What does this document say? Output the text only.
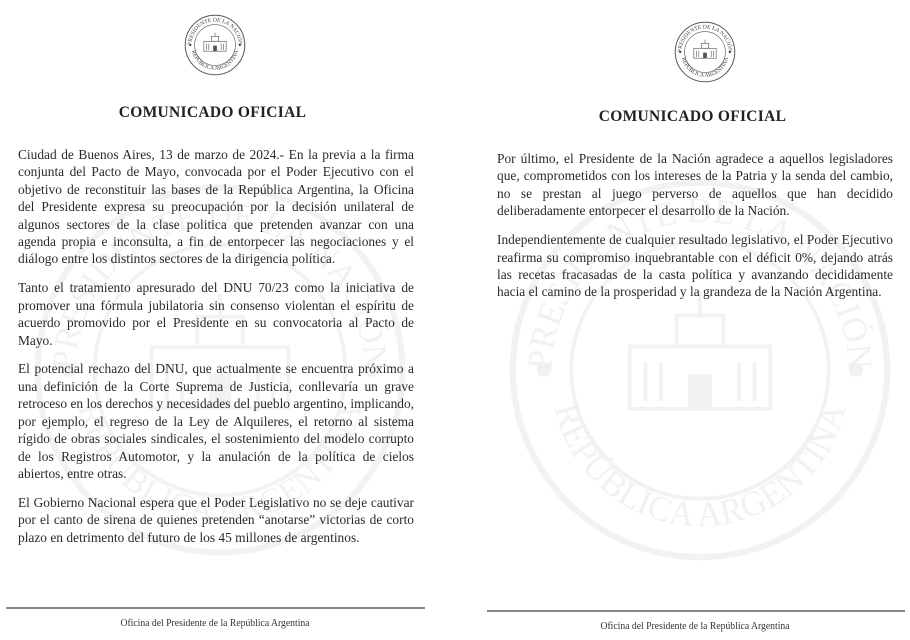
COMUNICADO OFICIAL

Ciudad de Buenos Aires, 13 de marzo de 2024.- En la previa a la firma conjunta del Pacto de Mayo, convocada por el Poder Ejecutivo con el objetivo de reconstituir las bases de la República Argentina, la Oficina del Presidente expresa su preocupación por la decisión unilateral de algunos sectores de la clase politica que pretenden avanzar con una agenda propia e inconsulta, a fin de entorpecer las negociaciones y el diálogo entre los distintos sectores de la dirigencia política.

Tanto el tratamiento apresurado del DNU 70/23 como la iniciativa de promover una fórmula jubilatoria sin consenso violentan el espíritu de acuerdo promovido por el Presidente en su convocatoria al Pacto de Mayo.

El potencial rechazo del DNU, que actualmente se encuentra próximo a una definición de la Corte Suprema de Justicia, conllevaría un grave retroceso en los derechos y necesidades del pueblo argentino, implicando, por ejemplo, el regreso de la Ley de Alquileres, el retorno al sistema rígido de obras sociales sindicales, el sostenimiento del modelo corrupto de los Registros Automotor, y la anulación de la política de cielos abiertos, entre otras.

El Gobierno Nacional espera que el Poder Legislativo no se deje cautivar por el canto de sirena de quienes pretenden “anotarse” victorias de corto plazo en detrimento del futuro de los 45 millones de argentinos.

Oficina del Presidente de la República Argentina
COMUNICADO OFICIAL

Por último, el Presidente de la Nación agradece a aquellos legisladores que, comprometidos con los intereses de la Patria y la senda del cambio, no se prestan al juego perverso de aquellos que han decidido deliberadamente entorpecer el desarrollo de la Nación.

Independientemente de cualquier resultado legislativo, el Poder Ejecutivo reafirma su compromiso inquebrantable con el déficit 0%, dejando atrás las recetas fracasadas de la casta política y avanzando decididamente hacia el camino de la prosperidad y la grandeza de la Nación Argentina.

Oficina del Presidente de la República Argentina
